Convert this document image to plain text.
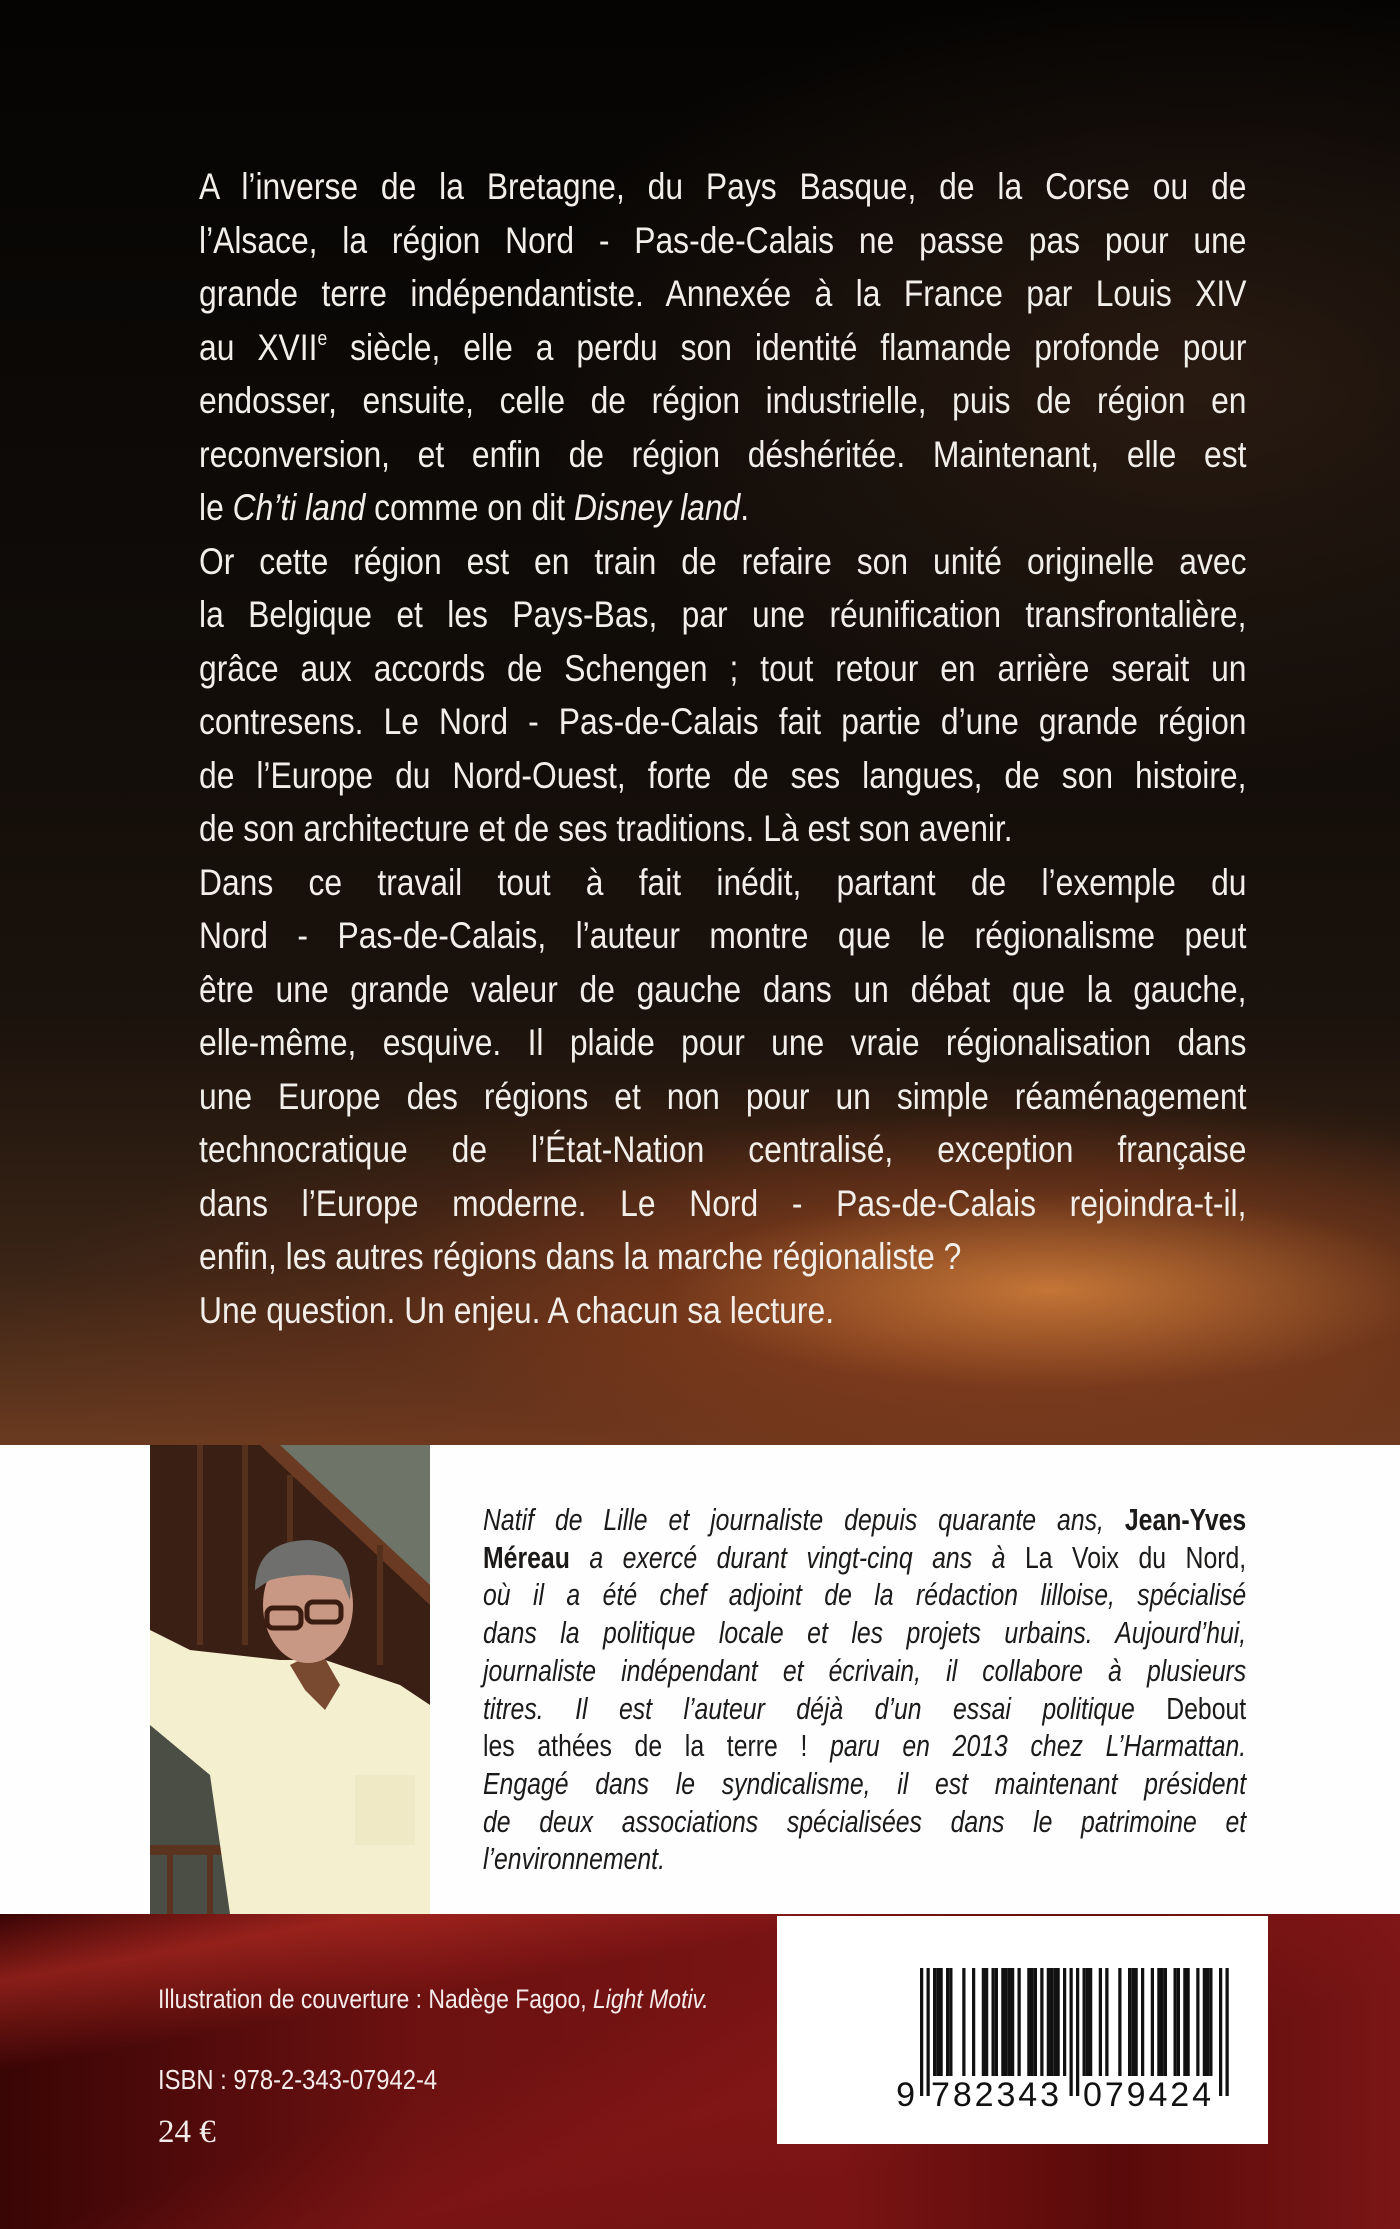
A l’inverse de la Bretagne, du Pays Basque, de la Corse ou de
l’Alsace, la région Nord - Pas-de-Calais ne passe pas pour une
grande terre indépendantiste. Annexée à la France par Louis XIV
au XVIIe siècle, elle a perdu son identité flamande profonde pour
endosser, ensuite, celle de région industrielle, puis de région en
reconversion, et enfin de région déshéritée. Maintenant, elle est
le Ch’ti land comme on dit Disney land.
Or cette région est en train de refaire son unité originelle avec
la Belgique et les Pays-Bas, par une réunification transfrontalière,
grâce aux accords de Schengen ; tout retour en arrière serait un
contresens. Le Nord - Pas-de-Calais fait partie d’une grande région
de l’Europe du Nord-Ouest, forte de ses langues, de son histoire,
de son architecture et de ses traditions. Là est son avenir.
Dans ce travail tout à fait inédit, partant de l’exemple du
Nord - Pas-de-Calais, l’auteur montre que le régionalisme peut
être une grande valeur de gauche dans un débat que la gauche,
elle-même, esquive. Il plaide pour une vraie régionalisation dans
une Europe des régions et non pour un simple réaménagement
technocratique de l’État-Nation centralisé, exception française
dans l’Europe moderne. Le Nord - Pas-de-Calais rejoindra-t-il,
enfin, les autres régions dans la marche régionaliste ?
Une question. Un enjeu. A chacun sa lecture.
Natif de Lille et journaliste depuis quarante ans, Jean-Yves
Méreau a exercé durant vingt-cinq ans à La Voix du Nord,
où il a été chef adjoint de la rédaction lilloise, spécialisé
dans la politique locale et les projets urbains. Aujourd’hui,
journaliste indépendant et écrivain, il collabore à plusieurs
titres. Il est l’auteur déjà d’un essai politique Debout
les athées de la terre ! paru en 2013 chez L’Harmattan.
Engagé dans le syndicalisme, il est maintenant président
de deux associations spécialisées dans le patrimoine et
l’environnement.
Illustration de couverture : Nadège Fagoo, Light Motiv.
ISBN : 978-2-343-07942-4
24 €
9 782343 079424
